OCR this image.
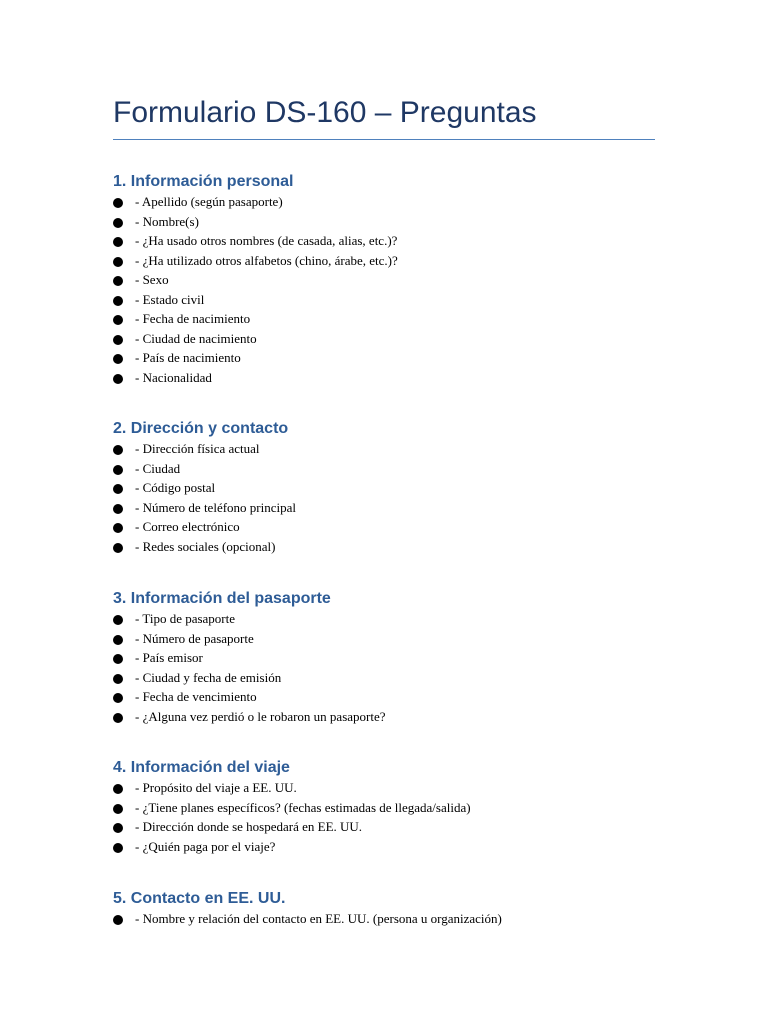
Formulario DS-160 – Preguntas
1. Información personal
- Apellido (según pasaporte)
- Nombre(s)
- ¿Ha usado otros nombres (de casada, alias, etc.)?
- ¿Ha utilizado otros alfabetos (chino, árabe, etc.)?
- Sexo
- Estado civil
- Fecha de nacimiento
- Ciudad de nacimiento
- País de nacimiento
- Nacionalidad
2. Dirección y contacto
- Dirección física actual
- Ciudad
- Código postal
- Número de teléfono principal
- Correo electrónico
- Redes sociales (opcional)
3. Información del pasaporte
- Tipo de pasaporte
- Número de pasaporte
- País emisor
- Ciudad y fecha de emisión
- Fecha de vencimiento
- ¿Alguna vez perdió o le robaron un pasaporte?
4. Información del viaje
- Propósito del viaje a EE. UU.
- ¿Tiene planes específicos? (fechas estimadas de llegada/salida)
- Dirección donde se hospedará en EE. UU.
- ¿Quién paga por el viaje?
5. Contacto en EE. UU.
- Nombre y relación del contacto en EE. UU. (persona u organización)
